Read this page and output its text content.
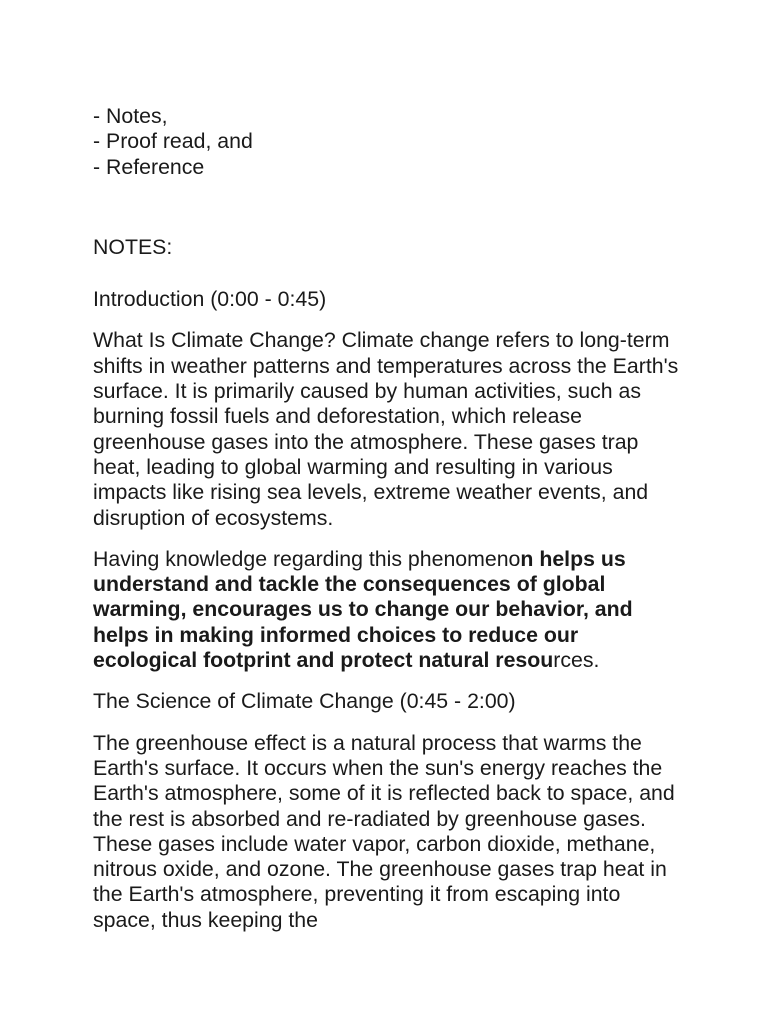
- Notes,

- Proof read, and

- Reference

NOTES:

Introduction (0:00 - 0:45)

What Is Climate Change? Climate change refers to long-term shifts in weather patterns and temperatures across the Earth's surface. It is primarily caused by human activities, such as burning fossil fuels and deforestation, which release greenhouse gases into the atmosphere. These gases trap heat, leading to global warming and resulting in various impacts like rising sea levels, extreme weather events, and disruption of ecosystems.

Having knowledge regarding this phenomenon helps us understand and tackle the consequences of global warming, encourages us to change our behavior, and helps in making informed choices to reduce our ecological footprint and protect natural resources.

The Science of Climate Change (0:45 - 2:00)

The greenhouse effect is a natural process that warms the Earth's surface. It occurs when the sun's energy reaches the Earth's atmosphere, some of it is reflected back to space, and the rest is absorbed and re-radiated by greenhouse gases. These gases include water vapor, carbon dioxide, methane, nitrous oxide, and ozone. The greenhouse gases trap heat in the Earth's atmosphere, preventing it from escaping into space, thus keeping the
